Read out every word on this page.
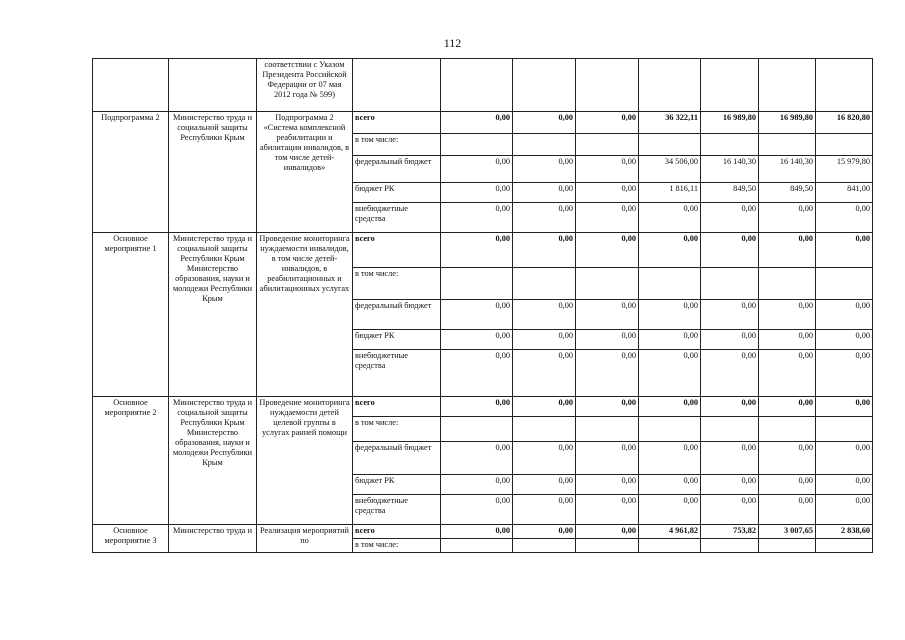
112
		соответствии с Указом Президента Российской Федерации от 07 мая 2012 года № 599)								
Подпрограмма 2	Министерство труда и социальной защиты Республики Крым	Подпрограмма 2 «Система комплексной реабилитации и абилитации инвалидов, в том числе детей-инвалидов»	всего	0,00	0,00	0,00	36 322,11	16 989,80	16 989,80	16 820,80
			в том числе:							
			федеральный бюджет	0,00	0,00	0,00	34 506,00	16 140,30	16 140,30	15 979,80
			бюджет РК	0,00	0,00	0,00	1 816,11	849,50	849,50	841,00
			внебюджетные средства	0,00	0,00	0,00	0,00	0,00	0,00	0,00
Основное мероприятие 1	Министерство труда и социальной защиты Республики Крым Министерство образования, науки и молодежи Республики Крым	Проведение мониторинга нуждаемости инвалидов, в том числе детей-инвалидов, в реабилитационных и абилитационных услугах	всего	0,00	0,00	0,00	0,00	0,00	0,00	0,00
			в том числе:							
			федеральный бюджет	0,00	0,00	0,00	0,00	0,00	0,00	0,00
			бюджет РК	0,00	0,00	0,00	0,00	0,00	0,00	0,00
			внебюджетные средства	0,00	0,00	0,00	0,00	0,00	0,00	0,00
Основное мероприятие 2	Министерство труда и социальной защиты Республики Крым Министерство образования, науки и молодежи Республики Крым	Проведение мониторинга нуждаемости детей целевой группы в услугах ранней помощи	всего	0,00	0,00	0,00	0,00	0,00	0,00	0,00
			в том числе:							
			федеральный бюджет	0,00	0,00	0,00	0,00	0,00	0,00	0,00
			бюджет РК	0,00	0,00	0,00	0,00	0,00	0,00	0,00
			внебюджетные средства	0,00	0,00	0,00	0,00	0,00	0,00	0,00
Основное мероприятие 3	Министерство труда и	Реализация мероприятий по	всего	0,00	0,00	0,00	4 961,82	753,82	3 007,65	2 838,60
			в том числе:							
